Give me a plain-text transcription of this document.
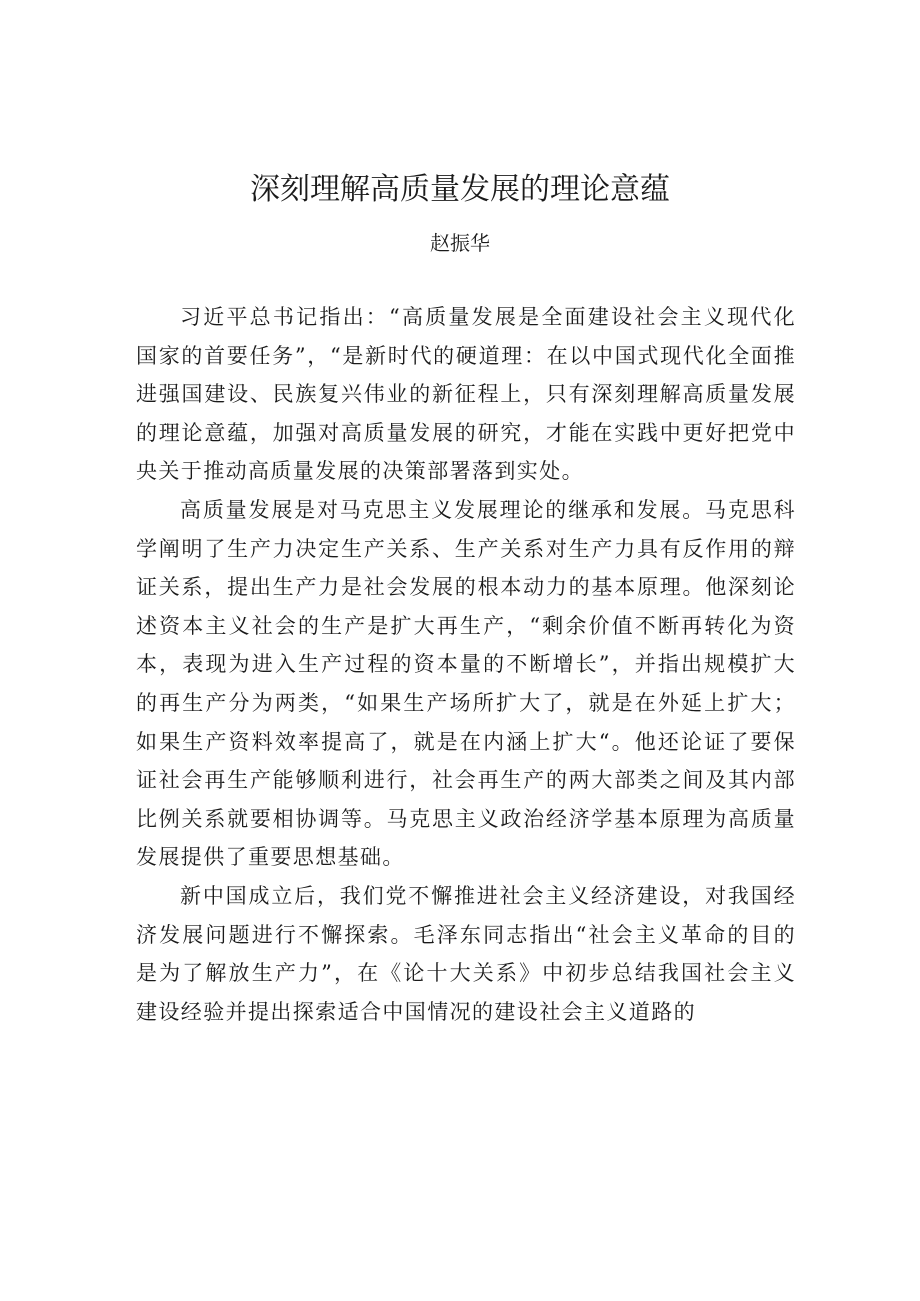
深刻理解高质量发展的理论意蕴
赵振华

习近平总书记指出：“高质量发展是全面建设社会主义现代化国家的首要任务”，“是新时代的硬道理：在以中国式现代化全面推进强国建设、民族复兴伟业的新征程上，只有深刻理解高质量发展的理论意蕴，加强对高质量发展的研究，才能在实践中更好把党中央关于推动高质量发展的决策部署落到实处。

高质量发展是对马克思主义发展理论的继承和发展。马克思科学阐明了生产力决定生产关系、生产关系对生产力具有反作用的辩证关系，提出生产力是社会发展的根本动力的基本原理。他深刻论述资本主义社会的生产是扩大再生产，“剩余价值不断再转化为资本，表现为进入生产过程的资本量的不断增长”，并指出规模扩大的再生产分为两类，“如果生产场所扩大了，就是在外延上扩大；如果生产资料效率提高了，就是在内涵上扩大“。他还论证了要保证社会再生产能够顺利进行，社会再生产的两大部类之间及其内部比例关系就要相协调等。马克思主义政治经济学基本原理为高质量发展提供了重要思想基础。

新中国成立后，我们党不懈推进社会主义经济建设，对我国经济发展问题进行不懈探索。毛泽东同志指出“社会主义革命的目的是为了解放生产力”，在《论十大关系》中初步总结我国社会主义建设经验并提出探索适合中国情况的建设社会主义道路的
